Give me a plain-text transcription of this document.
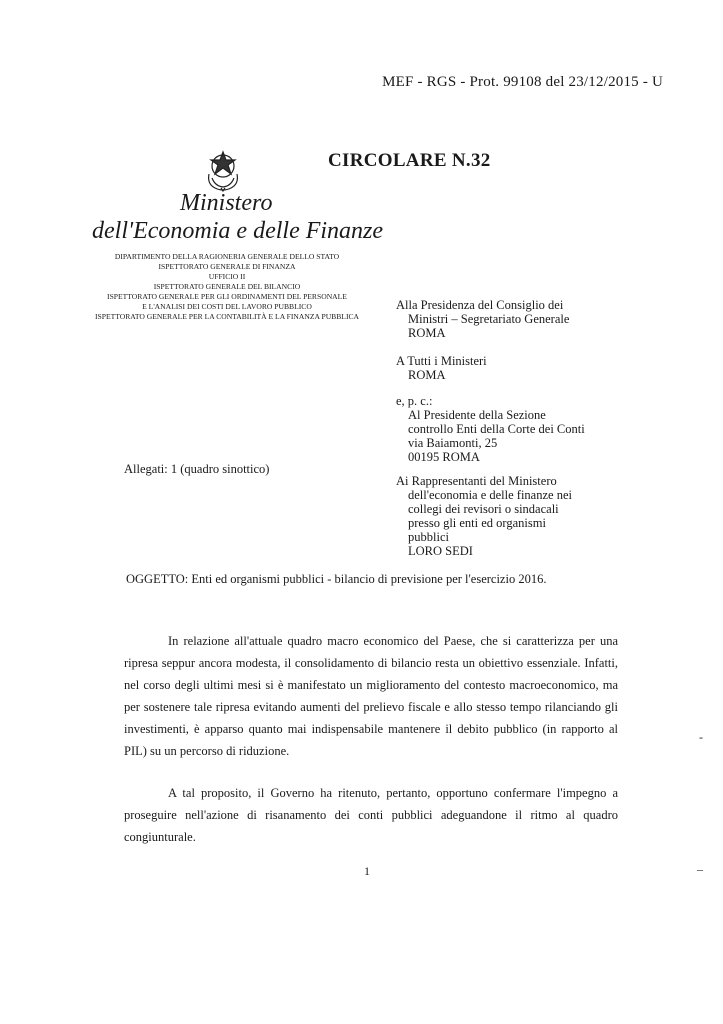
MEF - RGS - Prot. 99108 del 23/12/2015 - U
CIRCOLARE N.32
Ministero
dell'Economia e delle Finanze
DIPARTIMENTO DELLA RAGIONERIA GENERALE DELLO STATO
ISPETTORATO GENERALE DI FINANZA
UFFICIO II
ISPETTORATO GENERALE DEL BILANCIO
ISPETTORATO GENERALE PER GLI ORDINAMENTI DEL PERSONALE
E L'ANALISI DEI COSTI DEL LAVORO PUBBLICO
ISPETTORATO GENERALE PER LA CONTABILITÀ E LA FINANZA PUBBLICA
Alla Presidenza del Consiglio dei

Ministri – Segretariato Generale
ROMA
A Tutti i Ministeri

ROMA
e, p. c.:

Al Presidente della Sezione
controllo Enti della Corte dei Conti
via Baiamonti, 25
00195 ROMA
Ai Rappresentanti del Ministero

dell'economia e delle finanze nei
collegi dei revisori o sindacali
presso gli enti ed organismi
pubblici
LORO SEDI
Allegati: 1 (quadro sinottico)
OGGETTO: Enti ed organismi pubblici - bilancio di previsione per l'esercizio 2016.
In relazione all'attuale quadro macro economico del Paese, che si caratterizza per una ripresa seppur ancora modesta, il consolidamento di bilancio resta un obiettivo essenziale. Infatti, nel corso degli ultimi mesi si è manifestato un miglioramento del contesto macroeconomico, ma per sostenere tale ripresa evitando aumenti del prelievo fiscale e allo stesso tempo rilanciando gli investimenti, è apparso quanto mai indispensabile mantenere il debito pubblico (in rapporto al PIL) su un percorso di riduzione.
A tal proposito, il Governo ha ritenuto, pertanto, opportuno confermare l'impegno a proseguire nell'azione di risanamento dei conti pubblici adeguandone il ritmo al quadro congiunturale.
1
-
–
